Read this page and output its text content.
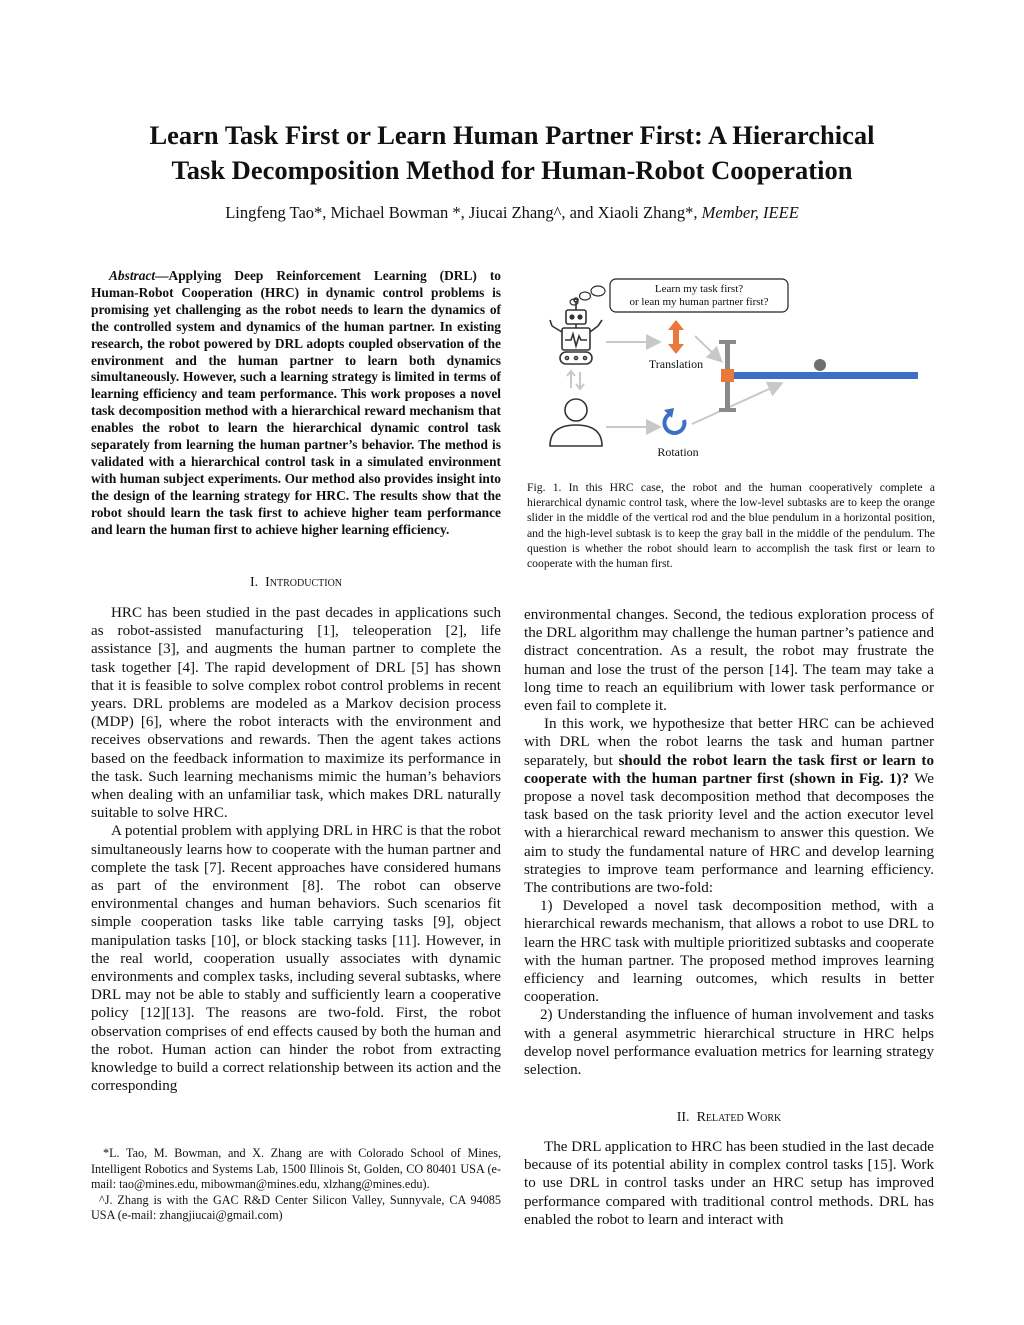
Learn Task First or Learn Human Partner First: A Hierarchical
Task Decomposition Method for Human-Robot Cooperation
Lingfeng Tao*, Michael Bowman *, Jiucai Zhang^, and Xiaoli Zhang*, Member, IEEE
Abstract—Applying Deep Reinforcement Learning (DRL) to Human-Robot Cooperation (HRC) in dynamic control problems is promising yet challenging as the robot needs to learn the dynamics of the controlled system and dynamics of the human partner. In existing research, the robot powered by DRL adopts coupled observation of the environment and the human partner to learn both dynamics simultaneously. However, such a learning strategy is limited in terms of learning efficiency and team performance. This work proposes a novel task decomposition method with a hierarchical reward mechanism that enables the robot to learn the hierarchical dynamic control task separately from learning the human partner’s behavior. The method is validated with a hierarchical control task in a simulated environment with human subject experiments. Our method also provides insight into the design of the learning strategy for HRC. The results show that the robot should learn the task first to achieve higher team performance and learn the human first to achieve higher learning efficiency.
I. Introduction

HRC has been studied in the past decades in applications such as robot-assisted manufacturing [1], teleoperation [2], life assistance [3], and augments the human partner to complete the task together [4]. The rapid development of DRL [5] has shown that it is feasible to solve complex robot control problems in recent years. DRL problems are modeled as a Markov decision process (MDP) [6], where the robot interacts with the environment and receives observations and rewards. Then the agent takes actions based on the feedback information to maximize its performance in the task. Such learning mechanisms mimic the human’s behaviors when dealing with an unfamiliar task, which makes DRL naturally suitable to solve HRC.

A potential problem with applying DRL in HRC is that the robot simultaneously learns how to cooperate with the human partner and complete the task [7]. Recent approaches have considered humans as part of the environment [8]. The robot can observe environmental changes and human behaviors. Such scenarios fit simple cooperation tasks like table carrying tasks [9], object manipulation tasks [10], or block stacking tasks [11]. However, in the real world, cooperation usually associates with dynamic environments and complex tasks, including several subtasks, where DRL may not be able to stably and sufficiently learn a cooperative policy [12][13]. The reasons are two-fold. First, the robot observation comprises of end effects caused by both the human and the robot. Human action can hinder the robot from extracting knowledge to build a correct relationship between its action and the corresponding

*L. Tao, M. Bowman, and X. Zhang are with Colorado School of Mines, Intelligent Robotics and Systems Lab, 1500 Illinois St, Golden, CO 80401 USA (e-mail: tao@mines.edu, mibowman@mines.edu, xlzhang@mines.edu).

^J. Zhang is with the GAC R&D Center Silicon Valley, Sunnyvale, CA 94085 USA (e-mail: zhangjiucai@gmail.com)

Learn my task first?
or lean my human partner first?
Translation
Rotation
Fig. 1. In this HRC case, the robot and the human cooperatively complete a hierarchical dynamic control task, where the low-level subtasks are to keep the orange slider in the middle of the vertical rod and the blue pendulum in a horizontal position, and the high-level subtask is to keep the gray ball in the middle of the pendulum. The question is whether the robot should learn to accomplish the task first or learn to cooperate with the human first.

environmental changes. Second, the tedious exploration process of the DRL algorithm may challenge the human partner’s patience and distract concentration. As a result, the robot may frustrate the human and lose the trust of the person [14]. The team may take a long time to reach an equilibrium with lower task performance or even fail to complete it.

In this work, we hypothesize that better HRC can be achieved with DRL when the robot learns the task and human partner separately, but should the robot learn the task first or learn to cooperate with the human partner first (shown in Fig. 1)? We propose a novel task decomposition method that decomposes the task based on the task priority level and the action executor level with a hierarchical reward mechanism to answer this question. We aim to study the fundamental nature of HRC and develop learning strategies to improve team performance and learning efficiency. The contributions are two-fold:

1) Developed a novel task decomposition method, with a hierarchical rewards mechanism, that allows a robot to use DRL to learn the HRC task with multiple prioritized subtasks and cooperate with the human partner. The proposed method improves learning efficiency and learning outcomes, which results in better cooperation.

2) Understanding the influence of human involvement and tasks with a general asymmetric hierarchical structure in HRC helps develop novel performance evaluation metrics for learning strategy selection.

II. Related Work

The DRL application to HRC has been studied in the last decade because of its potential ability in complex control tasks [15]. Work to use DRL in control tasks under an HRC setup has improved performance compared with traditional control methods. DRL has enabled the robot to learn and interact with
